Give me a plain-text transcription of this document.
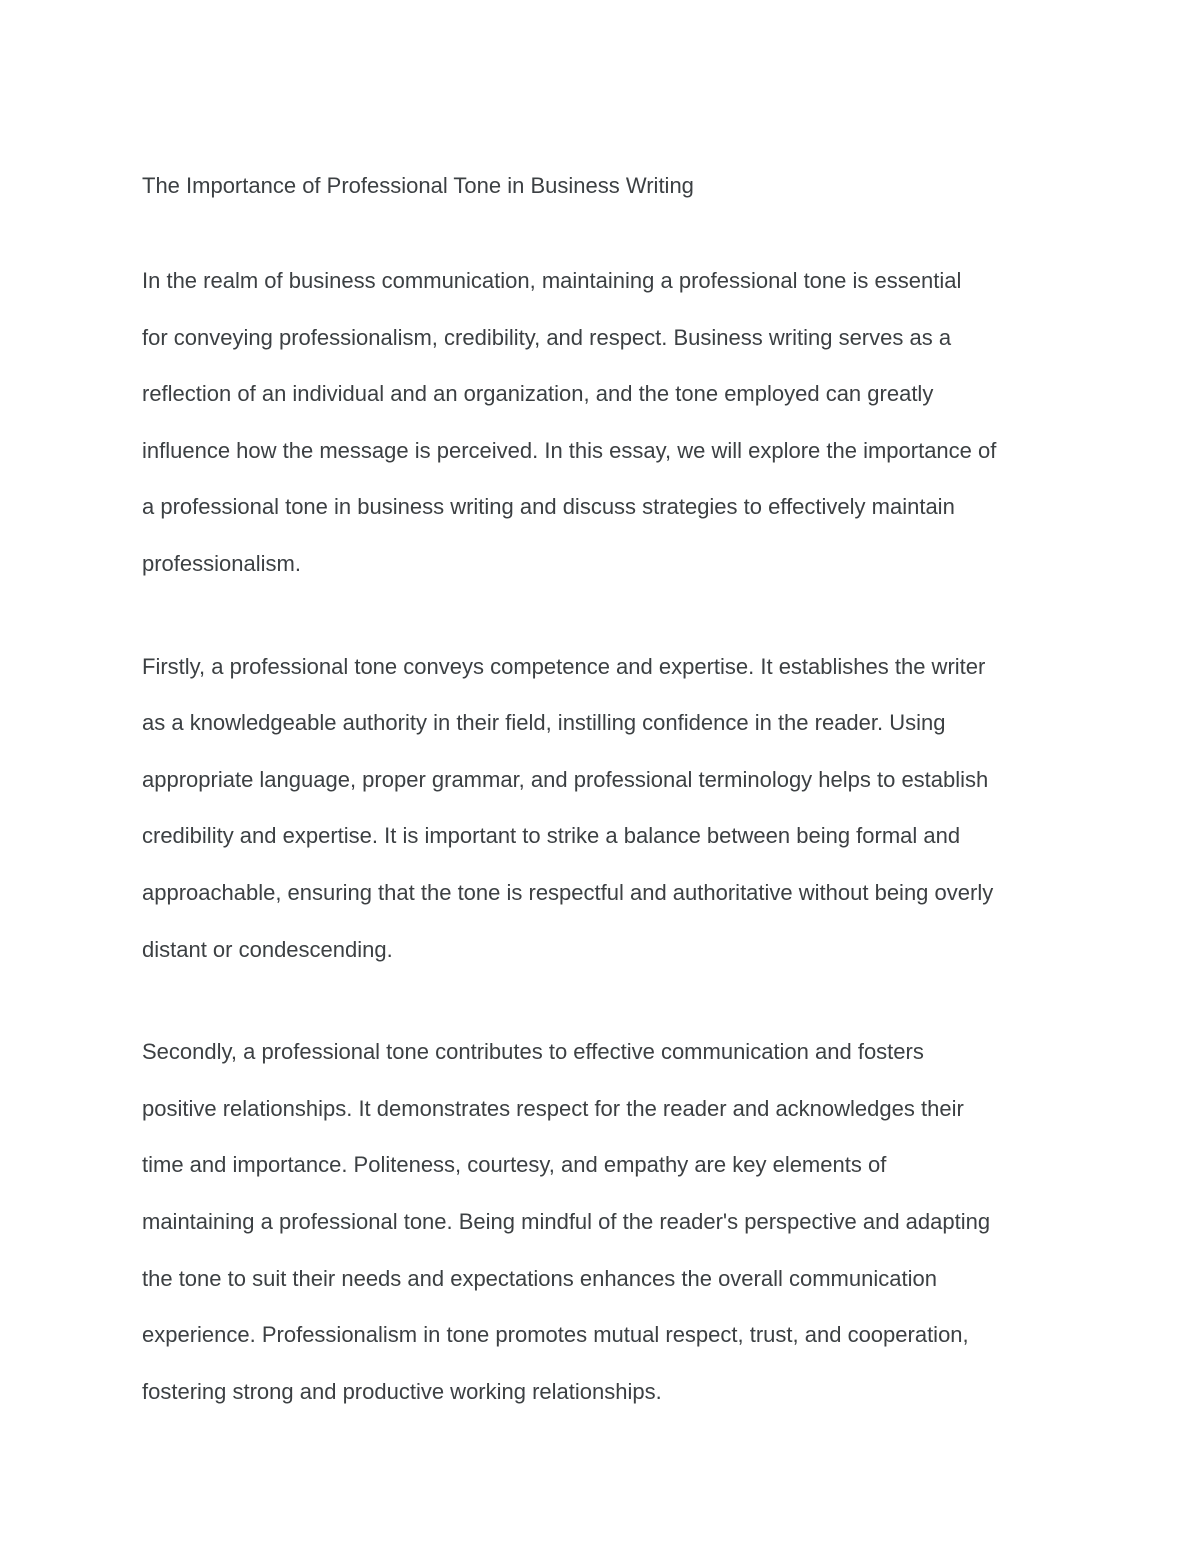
The Importance of Professional Tone in Business Writing

In the realm of business communication, maintaining a professional tone is essential
for conveying professionalism, credibility, and respect. Business writing serves as a
reflection of an individual and an organization, and the tone employed can greatly
influence how the message is perceived. In this essay, we will explore the importance of
a professional tone in business writing and discuss strategies to effectively maintain
professionalism.

Firstly, a professional tone conveys competence and expertise. It establishes the writer
as a knowledgeable authority in their field, instilling confidence in the reader. Using
appropriate language, proper grammar, and professional terminology helps to establish
credibility and expertise. It is important to strike a balance between being formal and
approachable, ensuring that the tone is respectful and authoritative without being overly
distant or condescending.

Secondly, a professional tone contributes to effective communication and fosters
positive relationships. It demonstrates respect for the reader and acknowledges their
time and importance. Politeness, courtesy, and empathy are key elements of
maintaining a professional tone. Being mindful of the reader's perspective and adapting
the tone to suit their needs and expectations enhances the overall communication
experience. Professionalism in tone promotes mutual respect, trust, and cooperation,
fostering strong and productive working relationships.
